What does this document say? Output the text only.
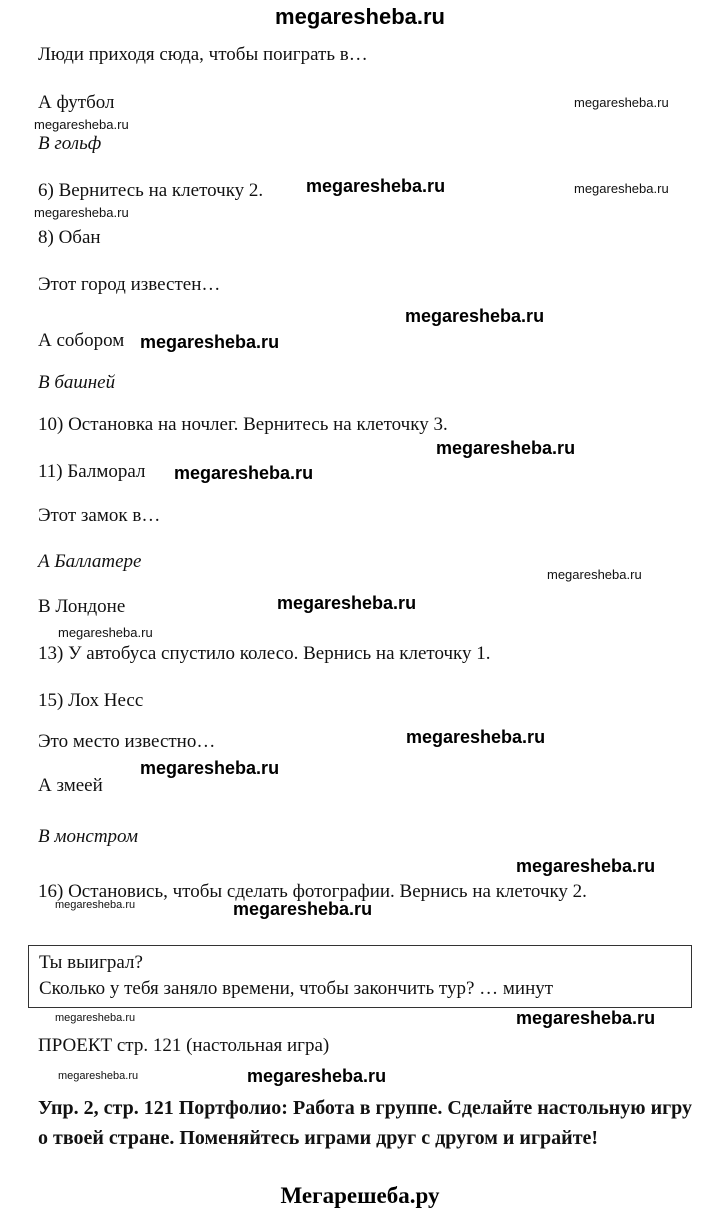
megaresheba.ru
Люди приходя сюда, чтобы поиграть в…
А футбол	megaresheba.ru
megaresheba.ru
В гольф
6) Вернитесь на клеточку 2. megaresheba.ru	megaresheba.ru
megaresheba.ru
8) Обан
Этот город известен…
megaresheba.ru
А собором megaresheba.ru
В башней
10) Остановка на ночлег. Вернитесь на клеточку 3.
megaresheba.ru
11) Балморал megaresheba.ru
Этот замок в…
А Баллатере
megaresheba.ru
В Лондоне	megaresheba.ru
megaresheba.ru
13) У автобуса спустило колесо. Вернись на клеточку 1.
15) Лох Несс
Это место известно…	megaresheba.ru
megaresheba.ru
А змеей
В монстром
megaresheba.ru
16) Остановись, чтобы сделать фотографии. Вернись на клеточку 2.
megaresheba.ru	megaresheba.ru
Ты выиграл?
Сколько у тебя заняло времени, чтобы закончить тур? … минут
megaresheba.ru	megaresheba.ru
ПРОЕКТ стр. 121 (настольная игра)
megaresheba.ru	megaresheba.ru
Упр. 2, стр. 121 Портфолио: Работа в группе. Сделайте настольную игру о твоей стране. Поменяйтесь играми друг с другом и играйте!
Мегарешеба.ру
